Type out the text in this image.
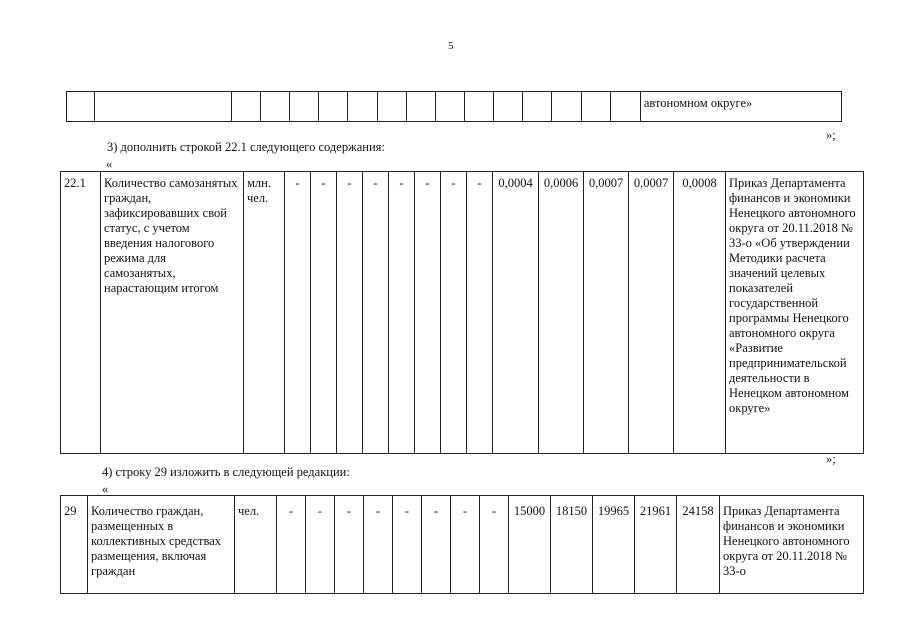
5
																автономном округе»
»;
3) дополнить строкой 22.1 следующего содержания:
«
22.1	Количество самозанятых граждан, зафиксировавших свой статус, с учетом введения налогового режима для самозанятых, нарастающим итогом	млн. чел.	-	-	-	-	-	-	-	-	0,0004	0,0006	0,0007	0,0007	0,0008	Приказ Департамента финансов и экономики Ненецкого автономного округа от 20.11.2018 № 33-о «Об утверждении Методики расчета значений целевых показателей государственной программы Ненецкого автономного округа «Развитие предпринимательской деятельности в Ненецком автономном округе»
»;
4) строку 29 изложить в следующей редакции:
«
29	Количество граждан, размещенных в коллективных средствах размещения, включая граждан	чел.	-	-	-	-	-	-	-	-	15000	18150	19965	21961	24158	Приказ Департамента финансов и экономики Ненецкого автономного округа от 20.11.2018 № 33-о
